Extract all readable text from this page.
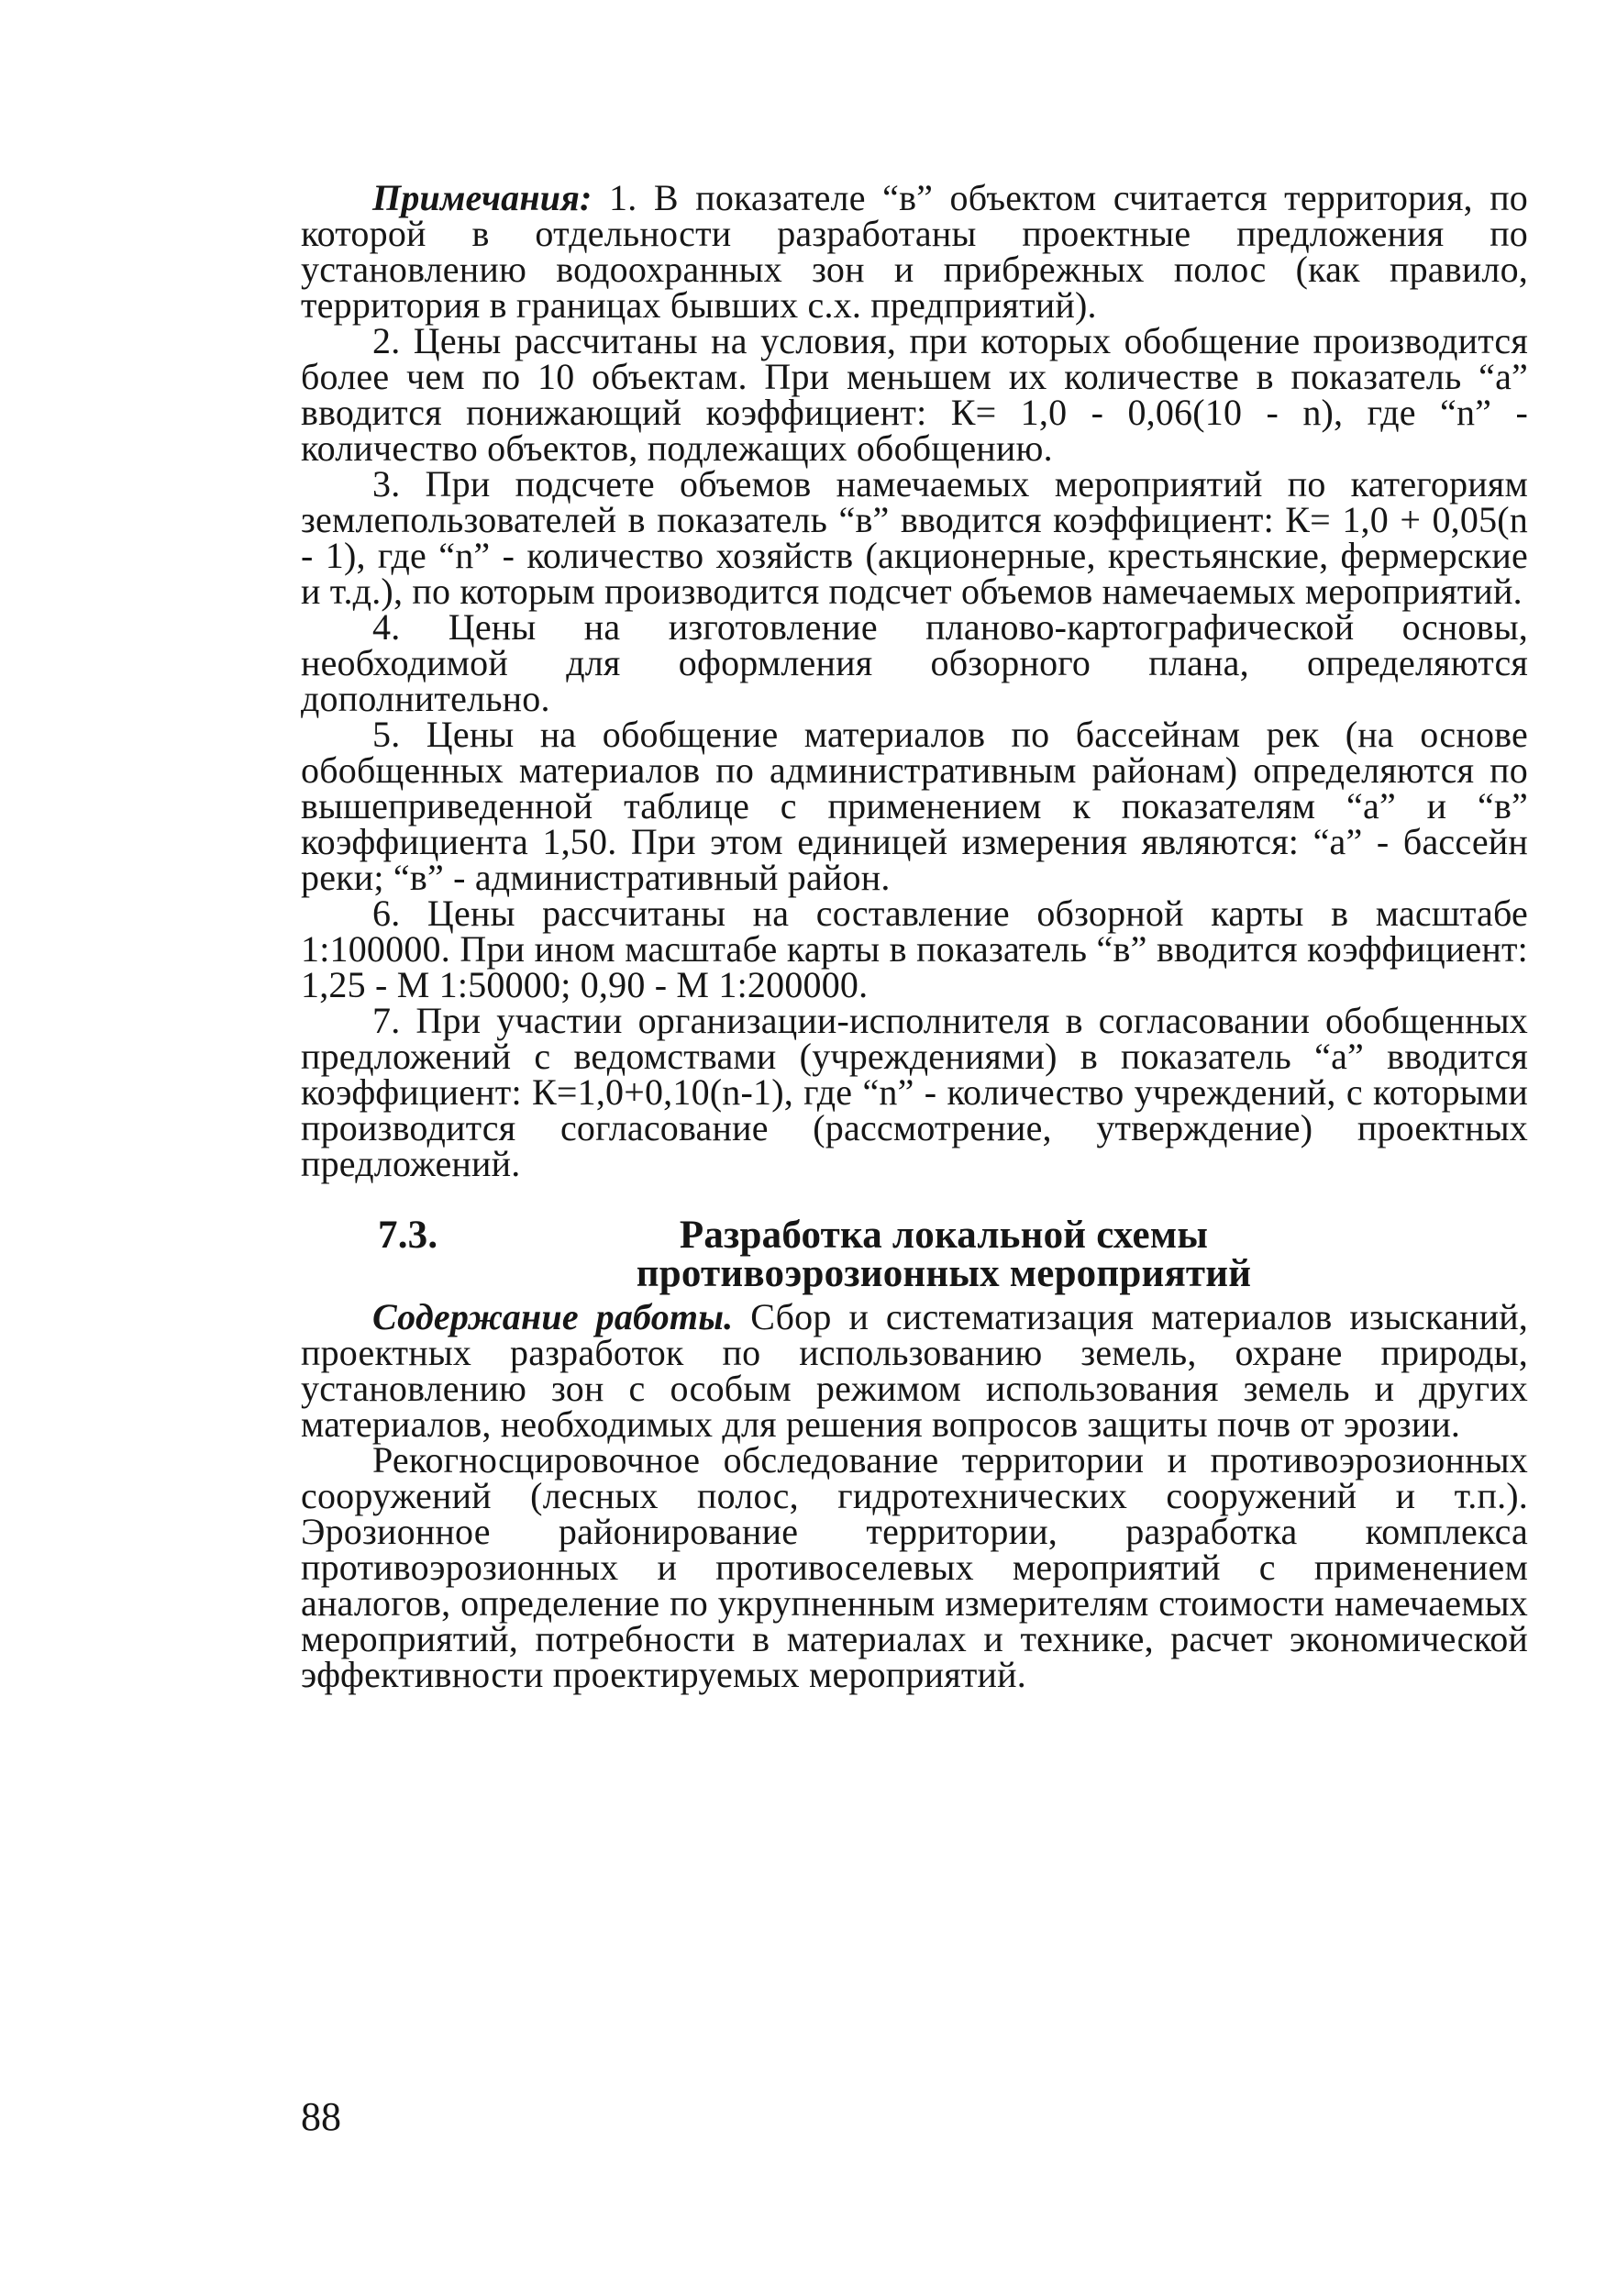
Примечания: 1. В показателе “в” объектом считается территория, по которой в отдельности разработаны проектные предложения по установлению водоохранных зон и прибрежных полос (как правило, территория в границах бывших с.х. предприятий).

2. Цены рассчитаны на условия, при которых обобщение производится более чем по 10 объектам. При меньшем их количестве в показатель “а” вводится понижающий коэффициент: К= 1,0 - 0,06(10 - n), где “n” - количество объектов, подлежащих обобщению.

3. При подсчете объемов намечаемых мероприятий по категориям землепользователей в показатель “в” вводится коэффициент: К= 1,0 + 0,05(n - 1), где “n” - количество хозяйств (акционерные, крестьянские, фермерские и т.д.), по которым производится подсчет объемов намечаемых мероприятий.

4. Цены на изготовление планово-картографической основы, необходимой для оформления обзорного плана, определяются дополнительно.

5. Цены на обобщение материалов по бассейнам рек (на основе обобщенных материалов по административным районам) определяются по вышеприведенной таблице с применением к показателям “а” и “в” коэффициента 1,50. При этом единицей измерения являются: “а” - бассейн реки; “в” - административный район.

6. Цены рассчитаны на составление обзорной карты в масштабе 1:100000. При ином масштабе карты в показатель “в” вводится коэффициент: 1,25 - М 1:50000; 0,90 - М 1:200000.

7. При участии организации-исполнителя в согласовании обобщенных предложений с ведомствами (учреждениями) в показатель “а” вводится коэффициент: К=1,0+0,10(n-1), где “n” - количество учреждений, с которыми производится согласование (рассмотрение, утверждение) проектных предложений.

7.3.	Разработка локальной схемы
противоэрозионных мероприятий

Содержание работы. Сбор и систематизация материалов изысканий, проектных разработок по использованию земель, охране природы, установлению зон с особым режимом использования земель и других материалов, необходимых для решения вопросов защиты почв от эрозии.

Рекогносцировочное обследование территории и противоэрозионных сооружений (лесных полос, гидротехнических сооружений и т.п.). Эрозионное районирование территории, разработка комплекса противоэрозионных и противоселевых мероприятий с применением аналогов, определение по укрупненным измерителям стоимости намечаемых мероприятий, потребности в материалах и технике, расчет экономической эффективности проектируемых мероприятий.

88
